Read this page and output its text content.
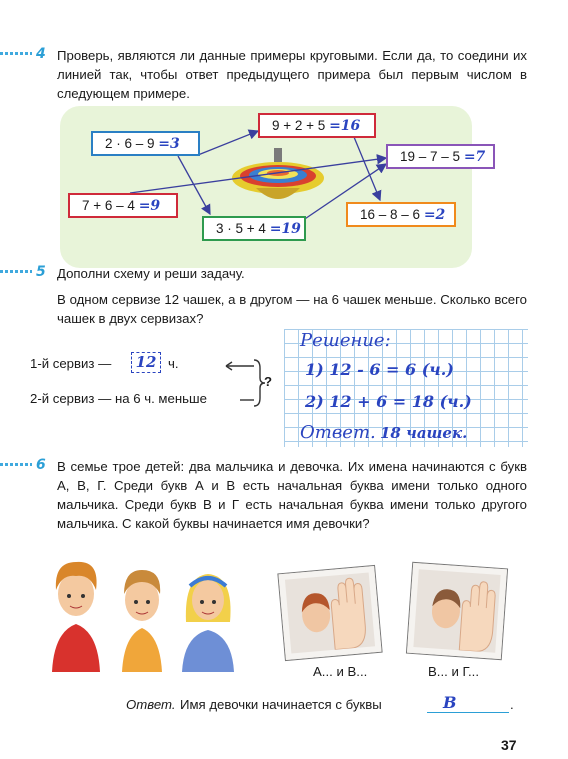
4 Проверь, являются ли данные примеры круговыми. Если да, то соедини их линией так, чтобы ответ предыдущего примера был первым числом в следующем примере.
2 · 6 – 9 =3
9 + 2 + 5 =16
19 – 7 – 5 =7
7 + 6 – 4 =9
3 · 5 + 4 =19
16 – 8 – 6 =2
5 Дополни схему и реши задачу.
В одном сервизе 12 чашек, а в другом — на 6 чашек меньше. Сколько всего чашек в двух сервизах?
Решение:
1) 12 - 6 = 6 (ч.)
2) 12 + 6 = 18 (ч.)
Ответ. 18 чашек.
1-й сервиз —	12 ч.
2-й сервиз — на 6 ч. меньше
?
6 В семье трое детей: два мальчика и девочка. Их имена начинаются с букв А, В, Г. Среди букв А и В есть начальная буква имени только одного мальчика. Среди букв В и Г есть начальная буква имени только другого мальчика. С какой буквы начинается имя девочки?
А... и В...	В... и Г...
Ответ. Имя девочки начинается с буквы	В	.
37
